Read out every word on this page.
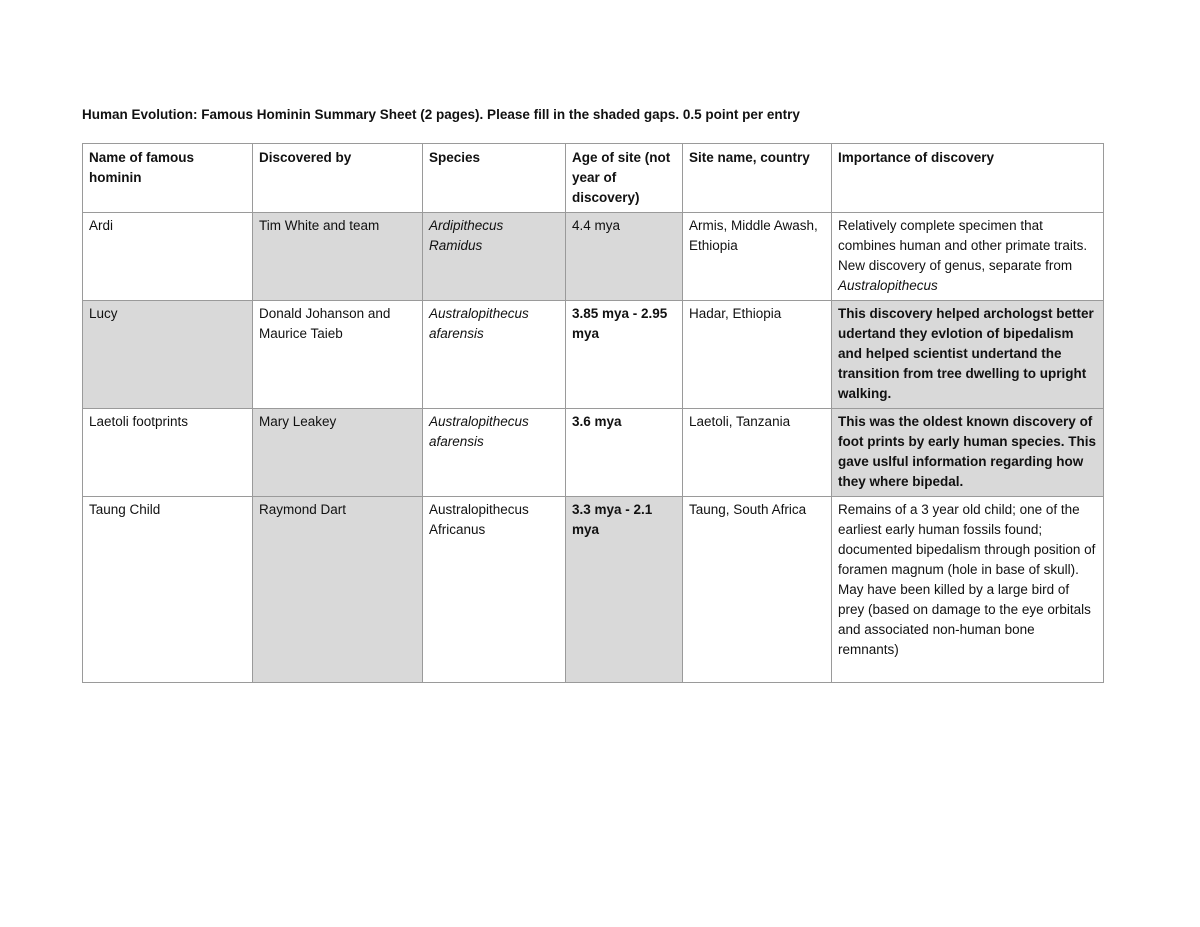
Human Evolution: Famous Hominin Summary Sheet (2 pages). Please fill in the shaded gaps. 0.5 point per entry
Name of famous hominin	Discovered by	Species	Age of site (not year of discovery)	Site name, country	Importance of discovery
Ardi	Tim White and team	Ardipithecus Ramidus	4.4 mya	Armis, Middle Awash, Ethiopia	Relatively complete specimen that combines human and other primate traits. New discovery of genus, separate from Australopithecus
Lucy	Donald Johanson and Maurice Taieb	Australopithecus afarensis	3.85 mya - 2.95 mya	Hadar, Ethiopia	This discovery helped archologst better udertand they evlotion of bipedalism and helped scientist undertand the transition from tree dwelling to upright walking.
Laetoli footprints	Mary Leakey	Australopithecus afarensis	3.6 mya	Laetoli, Tanzania	This was the oldest known discovery of foot prints by early human species. This gave uslful information regarding how they where bipedal.
Taung Child	Raymond Dart	Australopithecus Africanus	3.3 mya - 2.1 mya	Taung, South Africa	Remains of a 3 year old child; one of the earliest early human fossils found; documented bipedalism through position of foramen magnum (hole in base of skull). May have been killed by a large bird of prey (based on damage to the eye orbitals and associated non-human bone remnants)
